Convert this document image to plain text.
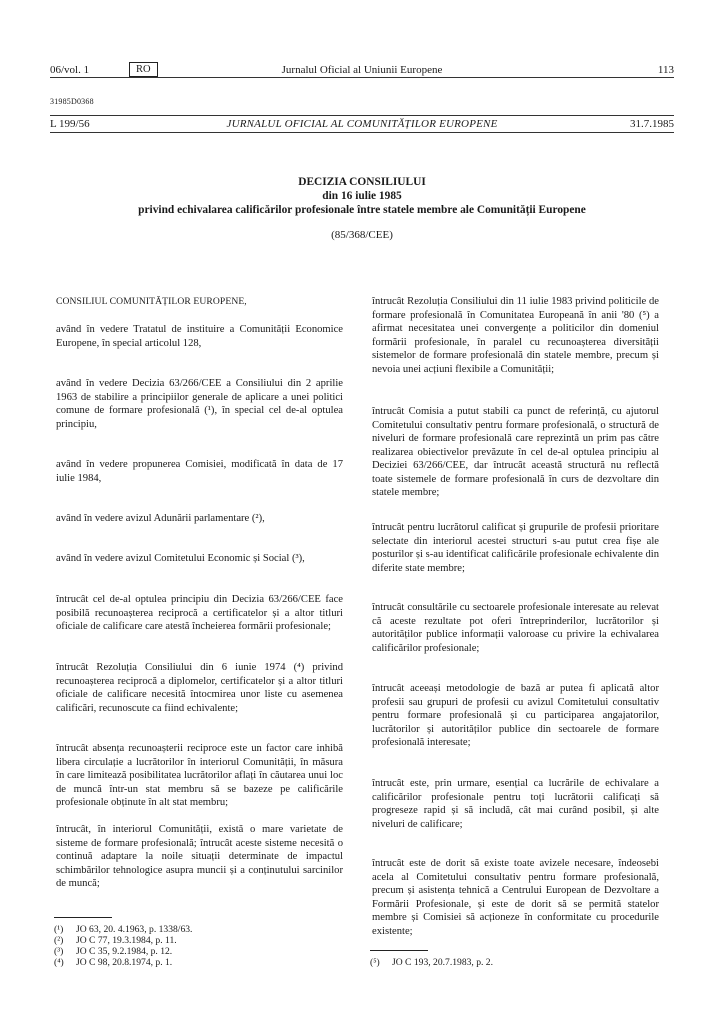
06/vol. 1	RO	Jurnalul Oficial al Uniunii Europene	113
31985D0368
L 199/56	JURNALUL OFICIAL AL COMUNITĂȚILOR EUROPENE	31.7.1985
DECIZIA CONSILIULUI
din 16 iulie 1985
privind echivalarea calificărilor profesionale între statele membre ale Comunității Europene
(85/368/CEE)
CONSILIUL COMUNITĂȚILOR EUROPENE,
având în vedere Tratatul de instituire a Comunității Economice Europene, în special articolul 128,
având în vedere Decizia 63/266/CEE a Consiliului din 2 aprilie 1963 de stabilire a principiilor generale de aplicare a unei politici comune de formare profesională (¹), în special cel de-al optulea principiu,
având în vedere propunerea Comisiei, modificată în data de 17 iulie 1984,
având în vedere avizul Adunării parlamentare (²),
având în vedere avizul Comitetului Economic și Social (³),
întrucât cel de-al optulea principiu din Decizia 63/266/CEE face posibilă recunoașterea reciprocă a certificatelor și a altor titluri oficiale de calificare care atestă încheierea formării profesionale;
întrucât Rezoluția Consiliului din 6 iunie 1974 (⁴) privind recunoașterea reciprocă a diplomelor, certificatelor și a altor titluri oficiale de calificare necesită întocmirea unor liste cu asemenea calificări, recunoscute ca fiind echivalente;
întrucât absența recunoașterii reciproce este un factor care inhibă libera circulație a lucrătorilor în interiorul Comunității, în măsura în care limitează posibilitatea lucrătorilor aflați în căutarea unui loc de muncă într-un stat membru să se bazeze pe calificările profesionale obținute în alt stat membru;
întrucât, în interiorul Comunității, există o mare varietate de sisteme de formare profesională; întrucât aceste sisteme necesită o continuă adaptare la noile situații determinate de impactul schimbărilor tehnologice asupra muncii și a conținutului sarcinilor de muncă;
(¹) JO 63, 20. 4.1963, p. 1338/63.
(²) JO C 77, 19.3.1984, p. 11.
(³) JO C 35, 9.2.1984, p. 12.
(⁴) JO C 98, 20.8.1974, p. 1.
întrucât Rezoluția Consiliului din 11 iulie 1983 privind politicile de formare profesională în Comunitatea Europeană în anii '80 (⁵) a afirmat necesitatea unei convergențe a politicilor din domeniul formării profesionale, în paralel cu recunoașterea diversității sistemelor de formare profesională din statele membre, precum și nevoia unei acțiuni flexibile a Comunității;
întrucât Comisia a putut stabili ca punct de referință, cu ajutorul Comitetului consultativ pentru formare profesională, o structură de niveluri de formare profesională care reprezintă un prim pas către realizarea obiectivelor prevăzute în cel de-al optulea principiu al Deciziei 63/266/CEE, dar întrucât această structură nu reflectă toate sistemele de formare profesională în curs de dezvoltare din statele membre;
întrucât pentru lucrătorul calificat și grupurile de profesii prioritare selectate din interiorul acestei structuri s-au putut crea fișe ale posturilor și s-au identificat calificările profesionale echivalente din diferite state membre;
întrucât consultările cu sectoarele profesionale interesate au relevat că aceste rezultate pot oferi întreprinderilor, lucrătorilor și autorităților publice informații valoroase cu privire la echivalarea calificărilor profesionale;
întrucât aceeași metodologie de bază ar putea fi aplicată altor profesii sau grupuri de profesii cu avizul Comitetului consultativ pentru formare profesională și cu participarea angajatorilor, lucrătorilor și autorităților publice din sectoarele de formare profesională interesate;
întrucât este, prin urmare, esențial ca lucrările de echivalare a calificărilor profesionale pentru toți lucrătorii calificați să progreseze rapid și să includă, cât mai curând posibil, și alte niveluri de calificare;
întrucât este de dorit să existe toate avizele necesare, îndeosebi acela al Comitetului consultativ pentru formare profesională, precum și asistența tehnică a Centrului European de Dezvoltare a Formării Profesionale, și este de dorit să se permită statelor membre și Comisiei să acționeze în conformitate cu procedurile existente;
(⁵) JO C 193, 20.7.1983, p. 2.
